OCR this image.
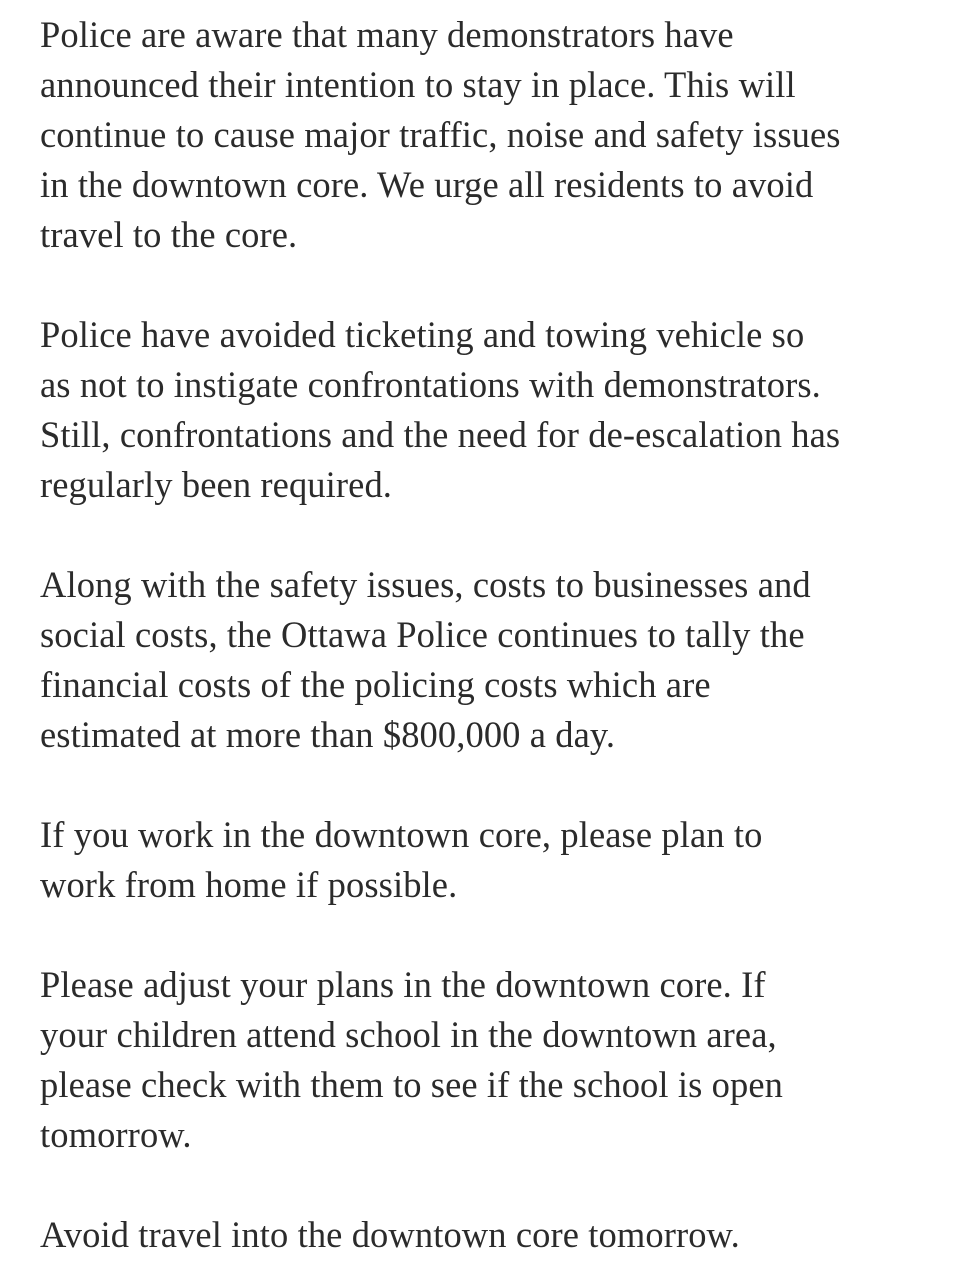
Police are aware that many demonstrators have
announced their intention to stay in place. This will
continue to cause major traffic, noise and safety issues
in the downtown core. We urge all residents to avoid
travel to the core.

Police have avoided ticketing and towing vehicle so
as not to instigate confrontations with demonstrators.
Still, confrontations and the need for de-escalation has
regularly been required.

Along with the safety issues, costs to businesses and
social costs, the Ottawa Police continues to tally the
financial costs of the policing costs which are
estimated at more than $800,000 a day.

If you work in the downtown core, please plan to
work from home if possible.

Please adjust your plans in the downtown core. If
your children attend school in the downtown area,
please check with them to see if the school is open
tomorrow.

Avoid travel into the downtown core tomorrow.
